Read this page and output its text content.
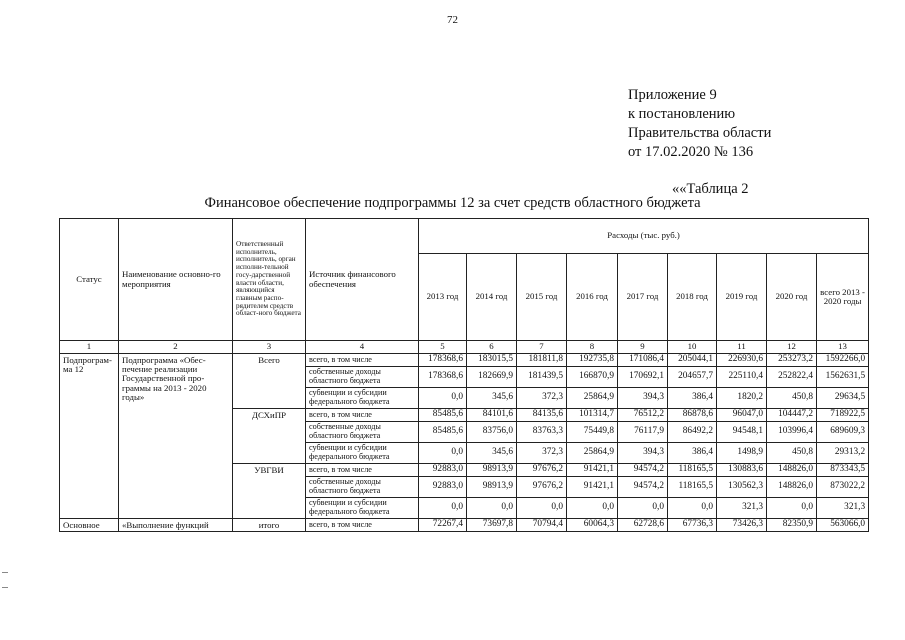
72
Приложение 9
к постановлению
Правительства области
от 17.02.2020 № 136
««Таблица 2
Финансовое обеспечение подпрограммы 12 за счет средств областного бюджета
Статус	Наименование основно-го мероприятия	Ответственный исполнитель, исполнитель, орган исполни-тельной госу-дарственной власти области, являющийся главным распо-рядителем средств област-ного бюджета	Источник финансового обеспечения	Расходы (тыс. руб.)								
				2013 год	2014 год	2015 год	2016 год	2017 год	2018 год	2019 год	2020 год	всего 2013 - 2020 годы
1	2	3	4	5	6	7	8	9	10	11	12	13
Подпрограм-ма 12	Подпрограмма «Обес-печение реализации Государственной про-граммы на 2013 - 2020 годы»	Всего	всего, в том числе	178368,6	183015,5	181811,8	192735,8	171086,4	205044,1	226930,6	253273,2	1592266,0
			собственные доходы областного бюджета	178368,6	182669,9	181439,5	166870,9	170692,1	204657,7	225110,4	252822,4	1562631,5
			субвенции и субсидии федерального бюджета	0,0	345,6	372,3	25864,9	394,3	386,4	1820,2	450,8	29634,5
		ДСХиПР	всего, в том числе	85485,6	84101,6	84135,6	101314,7	76512,2	86878,6	96047,0	104447,2	718922,5
			собственные доходы областного бюджета	85485,6	83756,0	83763,3	75449,8	76117,9	86492,2	94548,1	103996,4	689609,3
			субвенции и субсидии федерального бюджета	0,0	345,6	372,3	25864,9	394,3	386,4	1498,9	450,8	29313,2
		УВГВИ	всего, в том числе	92883,0	98913,9	97676,2	91421,1	94574,2	118165,5	130883,6	148826,0	873343,5
			собственные доходы областного бюджета	92883,0	98913,9	97676,2	91421,1	94574,2	118165,5	130562,3	148826,0	873022,2
			субвенции и субсидии федерального бюджета	0,0	0,0	0,0	0,0	0,0	0,0	321,3	0,0	321,3
Основное	«Выполнение функций	итого	всего, в том числе	72267,4	73697,8	70794,4	60064,3	62728,6	67736,3	73426,3	82350,9	563066,0
